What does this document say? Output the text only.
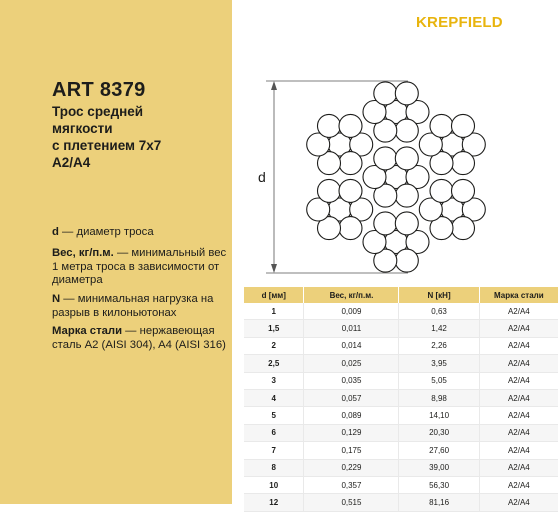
ART 8379
Трос средней
мягкости
с плетением 7x7
A2/A4
d — диаметр троса
Вес, кг/п.м. — минимальный вес 1 метра троса в зависимости от диаметра
N — минимальная нагрузка на разрыв в килоньютонах
Марка стали — нержавеющая сталь A2 (AISI 304), A4 (AISI 316)
KREPFIELD
d
d [мм]	Вес, кг/п.м.	N [кН]	Марка стали
1	0,009	0,63	A2/A4
1,5	0,011	1,42	A2/A4
2	0,014	2,26	A2/A4
2,5	0,025	3,95	A2/A4
3	0,035	5,05	A2/A4
4	0,057	8,98	A2/A4
5	0,089	14,10	A2/A4
6	0,129	20,30	A2/A4
7	0,175	27,60	A2/A4
8	0,229	39,00	A2/A4
10	0,357	56,30	A2/A4
12	0,515	81,16	A2/A4
